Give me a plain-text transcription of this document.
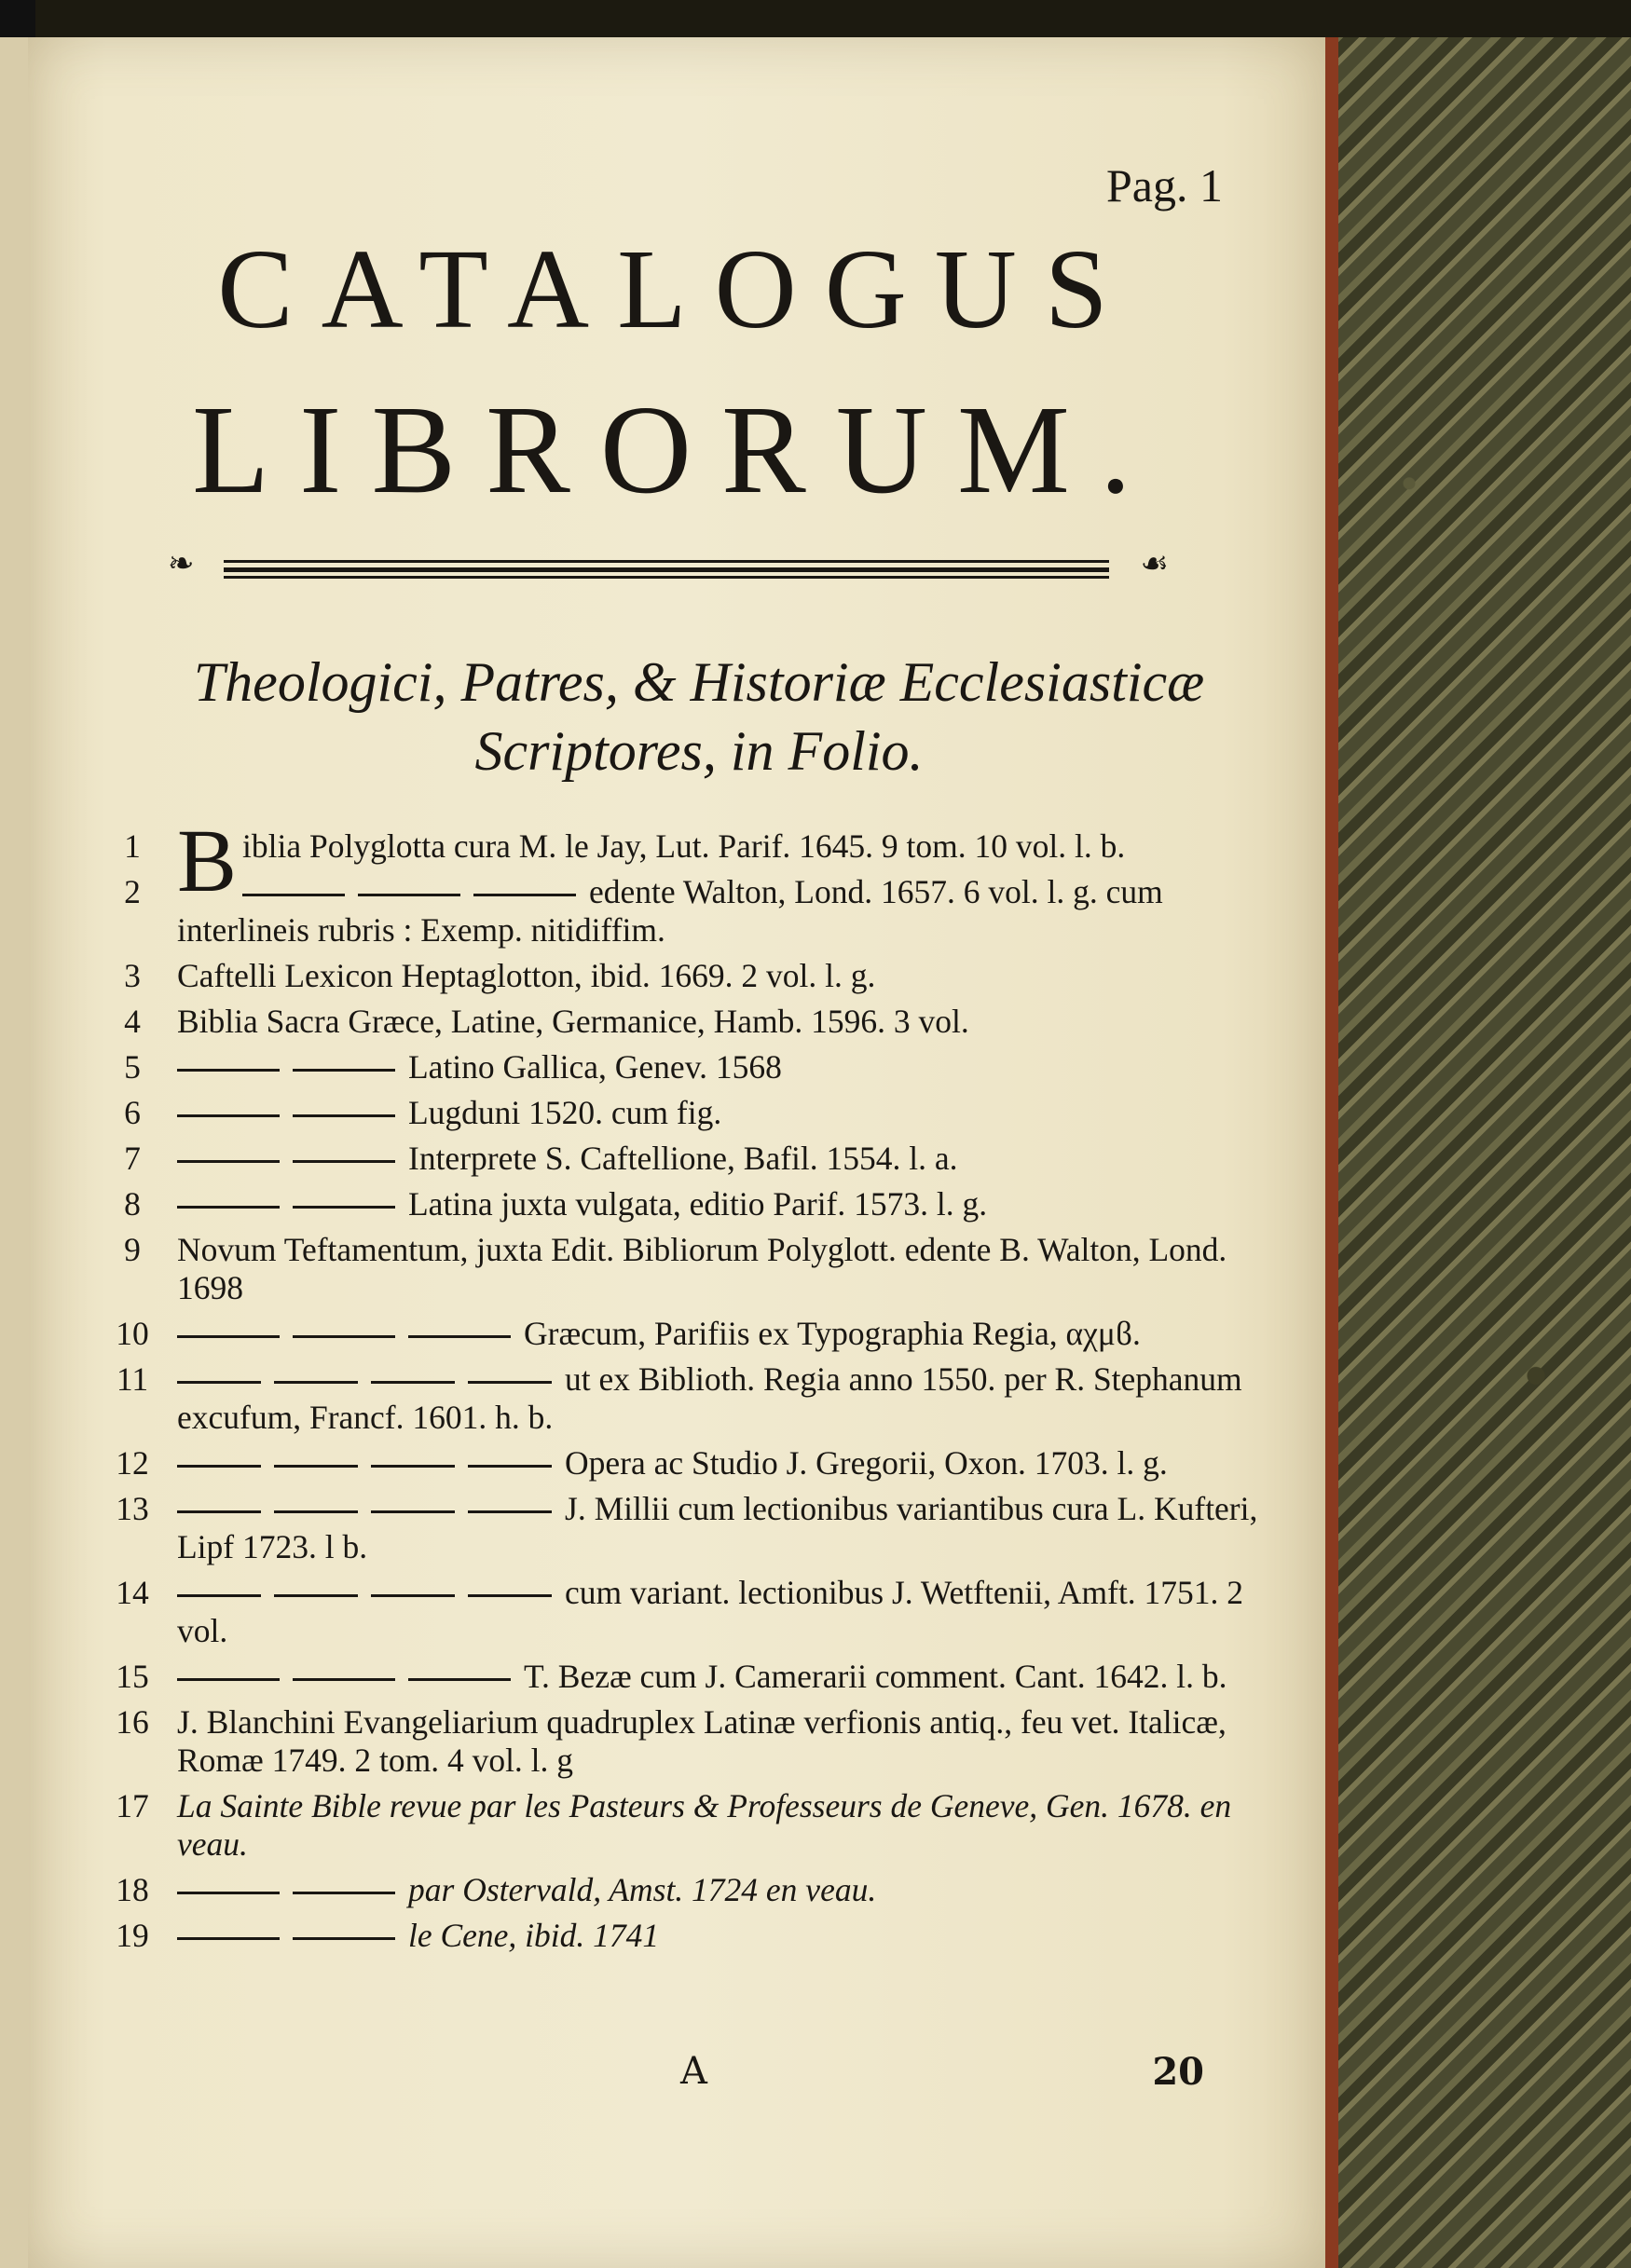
Pag. 1
CATALOGUS
LIBRORUM.
❧	☙
Theologici, Patres, & Historiæ Ecclesiasticæ
Scriptores, in Folio.
1 Biblia Polyglotta cura M. le Jay, Lut. Parif. 1645. 9 tom. 10 vol. l. b.
2	edente Walton, Lond. 1657. 6 vol. l. g. cum interlineis rubris : Exemp. nitidiffim.
3	Caftelli Lexicon Heptaglotton, ibid. 1669. 2 vol. l. g.
4	Biblia Sacra Græce, Latine, Germanice, Hamb. 1596. 3 vol.
5	Latino Gallica, Genev. 1568
6	Lugduni 1520. cum fig.
7	Interprete S. Caftellione, Bafil. 1554. l. a.
8	Latina juxta vulgata, editio Parif. 1573. l. g.
9	Novum Teftamentum, juxta Edit. Bibliorum Polyglott. edente B. Walton, Lond. 1698
10	Græcum, Parifiis ex Typographia Regia, αχμϐ.
11	ut ex Biblioth. Regia anno 1550. per R. Stephanum excufum, Francf. 1601. h. b.
12	Opera ac Studio J. Gregorii, Oxon. 1703. l. g.
13	J. Millii cum lectionibus variantibus cura L. Kufteri, Lipf 1723. l b.
14	cum variant. lectionibus J. Wetftenii, Amft. 1751. 2 vol.
15	T. Bezæ cum J. Camerarii comment. Cant. 1642. l. b.
16 J. Blanchini Evangeliarium quadruplex Latinæ verfionis antiq., feu vet. Italicæ, Romæ 1749. 2 tom. 4 vol. l. g
17 La Sainte Bible revue par les Pasteurs & Professeurs de Geneve, Gen. 1678. en veau.
18	par Ostervald, Amst. 1724 en veau.
19	le Cene, ibid. 1741
A	20
